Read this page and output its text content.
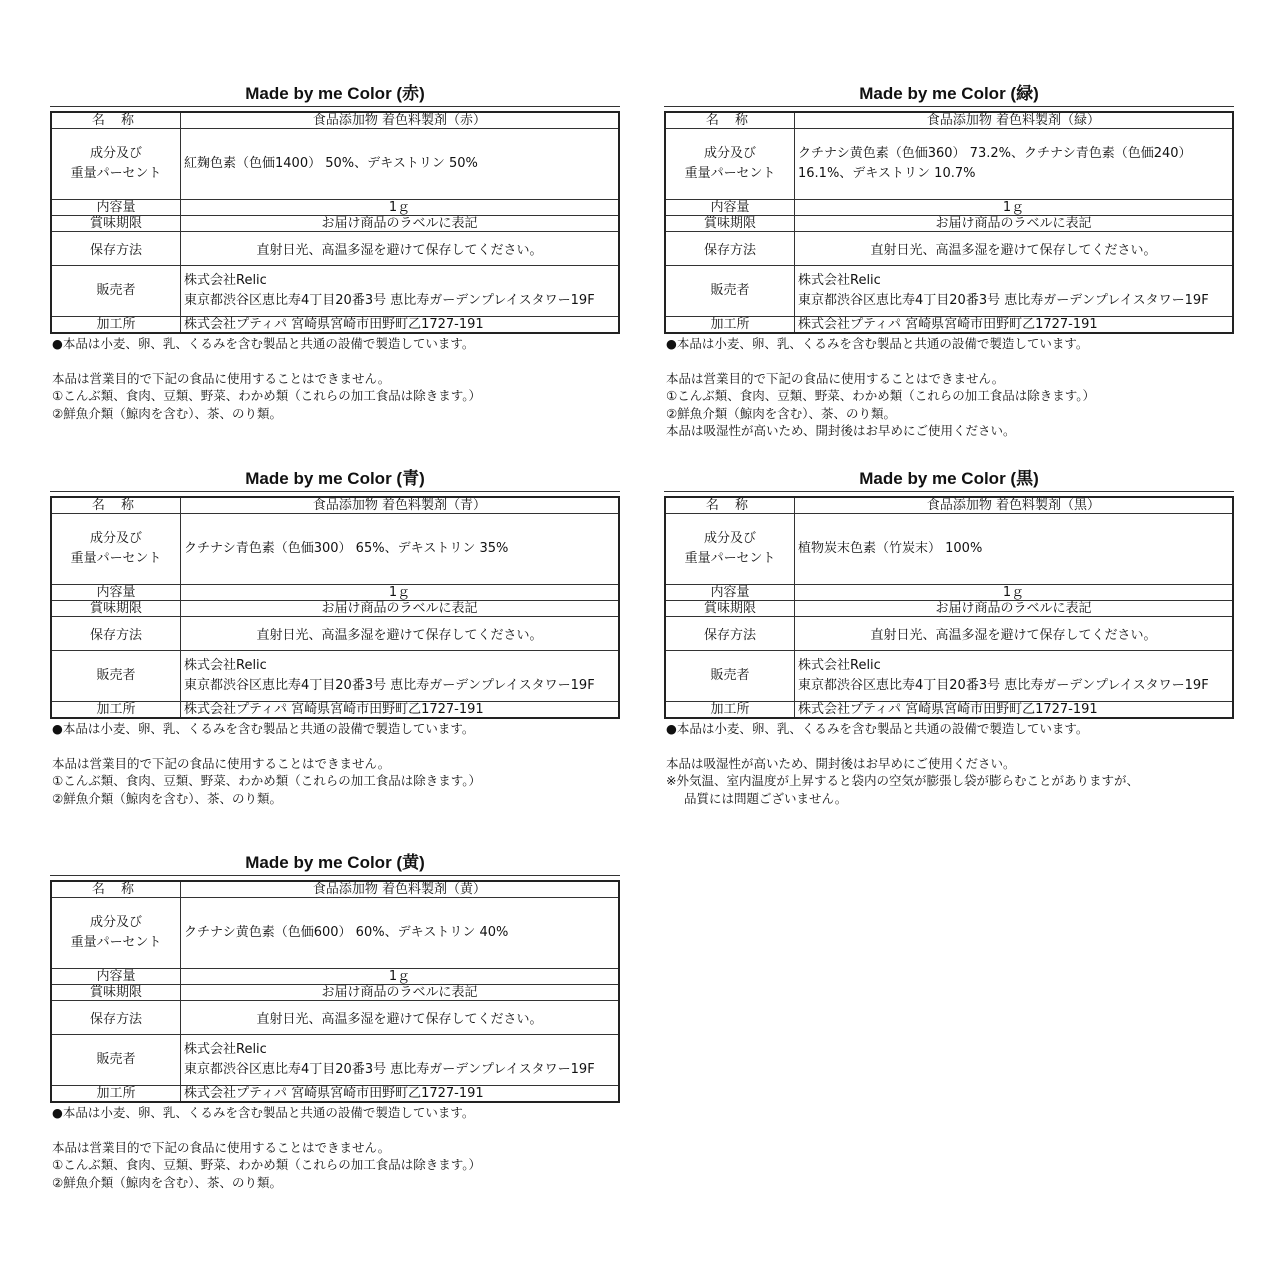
Made by me Color (赤)
名 称	食品添加物 着色料製剤（赤）
成分及び
重量パーセント	紅麹色素（色価1400） 50%、デキストリン 50%

内容量	1ｇ
賞味期限	お届け商品のラベルに表記
保存方法	直射日光、高温多湿を避けて保存してください。
販売者	株式会社Relic
東京都渋谷区恵比寿4丁目20番3号 恵比寿ガーデンプレイスタワー19F
加工所	株式会社プティパ 宮崎県宮崎市田野町乙1727-191
●本品は小麦、卵、乳、くるみを含む製品と共通の設備で製造しています。
本品は営業目的で下記の食品に使用することはできません。
①こんぶ類、食肉、豆類、野菜、わかめ類（これらの加工食品は除きます。）
②鮮魚介類（鯨肉を含む）、茶、のり類。
Made by me Color (緑)
名 称	食品添加物 着色料製剤（緑）
成分及び
重量パーセント	クチナシ黄色素（色価360） 73.2%、クチナシ青色素（色価240）
16.1%、デキストリン 10.7%
内容量	1ｇ
賞味期限	お届け商品のラベルに表記
保存方法	直射日光、高温多湿を避けて保存してください。
販売者	株式会社Relic
東京都渋谷区恵比寿4丁目20番3号 恵比寿ガーデンプレイスタワー19F
加工所	株式会社プティパ 宮崎県宮崎市田野町乙1727-191
●本品は小麦、卵、乳、くるみを含む製品と共通の設備で製造しています。
本品は営業目的で下記の食品に使用することはできません。
①こんぶ類、食肉、豆類、野菜、わかめ類（これらの加工食品は除きます。）
②鮮魚介類（鯨肉を含む）、茶、のり類。
本品は吸湿性が高いため、開封後はお早めにご使用ください。
Made by me Color (青)
名 称	食品添加物 着色料製剤（青）
成分及び
重量パーセント	クチナシ青色素（色価300） 65%、デキストリン 35%

内容量	1ｇ
賞味期限	お届け商品のラベルに表記
保存方法	直射日光、高温多湿を避けて保存してください。
販売者	株式会社Relic
東京都渋谷区恵比寿4丁目20番3号 恵比寿ガーデンプレイスタワー19F
加工所	株式会社プティパ 宮崎県宮崎市田野町乙1727-191
●本品は小麦、卵、乳、くるみを含む製品と共通の設備で製造しています。
本品は営業目的で下記の食品に使用することはできません。
①こんぶ類、食肉、豆類、野菜、わかめ類（これらの加工食品は除きます。）
②鮮魚介類（鯨肉を含む）、茶、のり類。
Made by me Color (黒)
名 称	食品添加物 着色料製剤（黒）
成分及び
重量パーセント	植物炭末色素（竹炭末） 100%

内容量	1ｇ
賞味期限	お届け商品のラベルに表記
保存方法	直射日光、高温多湿を避けて保存してください。
販売者	株式会社Relic
東京都渋谷区恵比寿4丁目20番3号 恵比寿ガーデンプレイスタワー19F
加工所	株式会社プティパ 宮崎県宮崎市田野町乙1727-191
●本品は小麦、卵、乳、くるみを含む製品と共通の設備で製造しています。
本品は吸湿性が高いため、開封後はお早めにご使用ください。
※外気温、室内温度が上昇すると袋内の空気が膨張し袋が膨らむことがありますが、
品質には問題ございません。
Made by me Color (黄)
名 称	食品添加物 着色料製剤（黄）
成分及び
重量パーセント	クチナシ黄色素（色価600） 60%、デキストリン 40%

内容量	1ｇ
賞味期限	お届け商品のラベルに表記
保存方法	直射日光、高温多湿を避けて保存してください。
販売者	株式会社Relic
東京都渋谷区恵比寿4丁目20番3号 恵比寿ガーデンプレイスタワー19F
加工所	株式会社プティパ 宮崎県宮崎市田野町乙1727-191
●本品は小麦、卵、乳、くるみを含む製品と共通の設備で製造しています。
本品は営業目的で下記の食品に使用することはできません。
①こんぶ類、食肉、豆類、野菜、わかめ類（これらの加工食品は除きます。）
②鮮魚介類（鯨肉を含む）、茶、のり類。
